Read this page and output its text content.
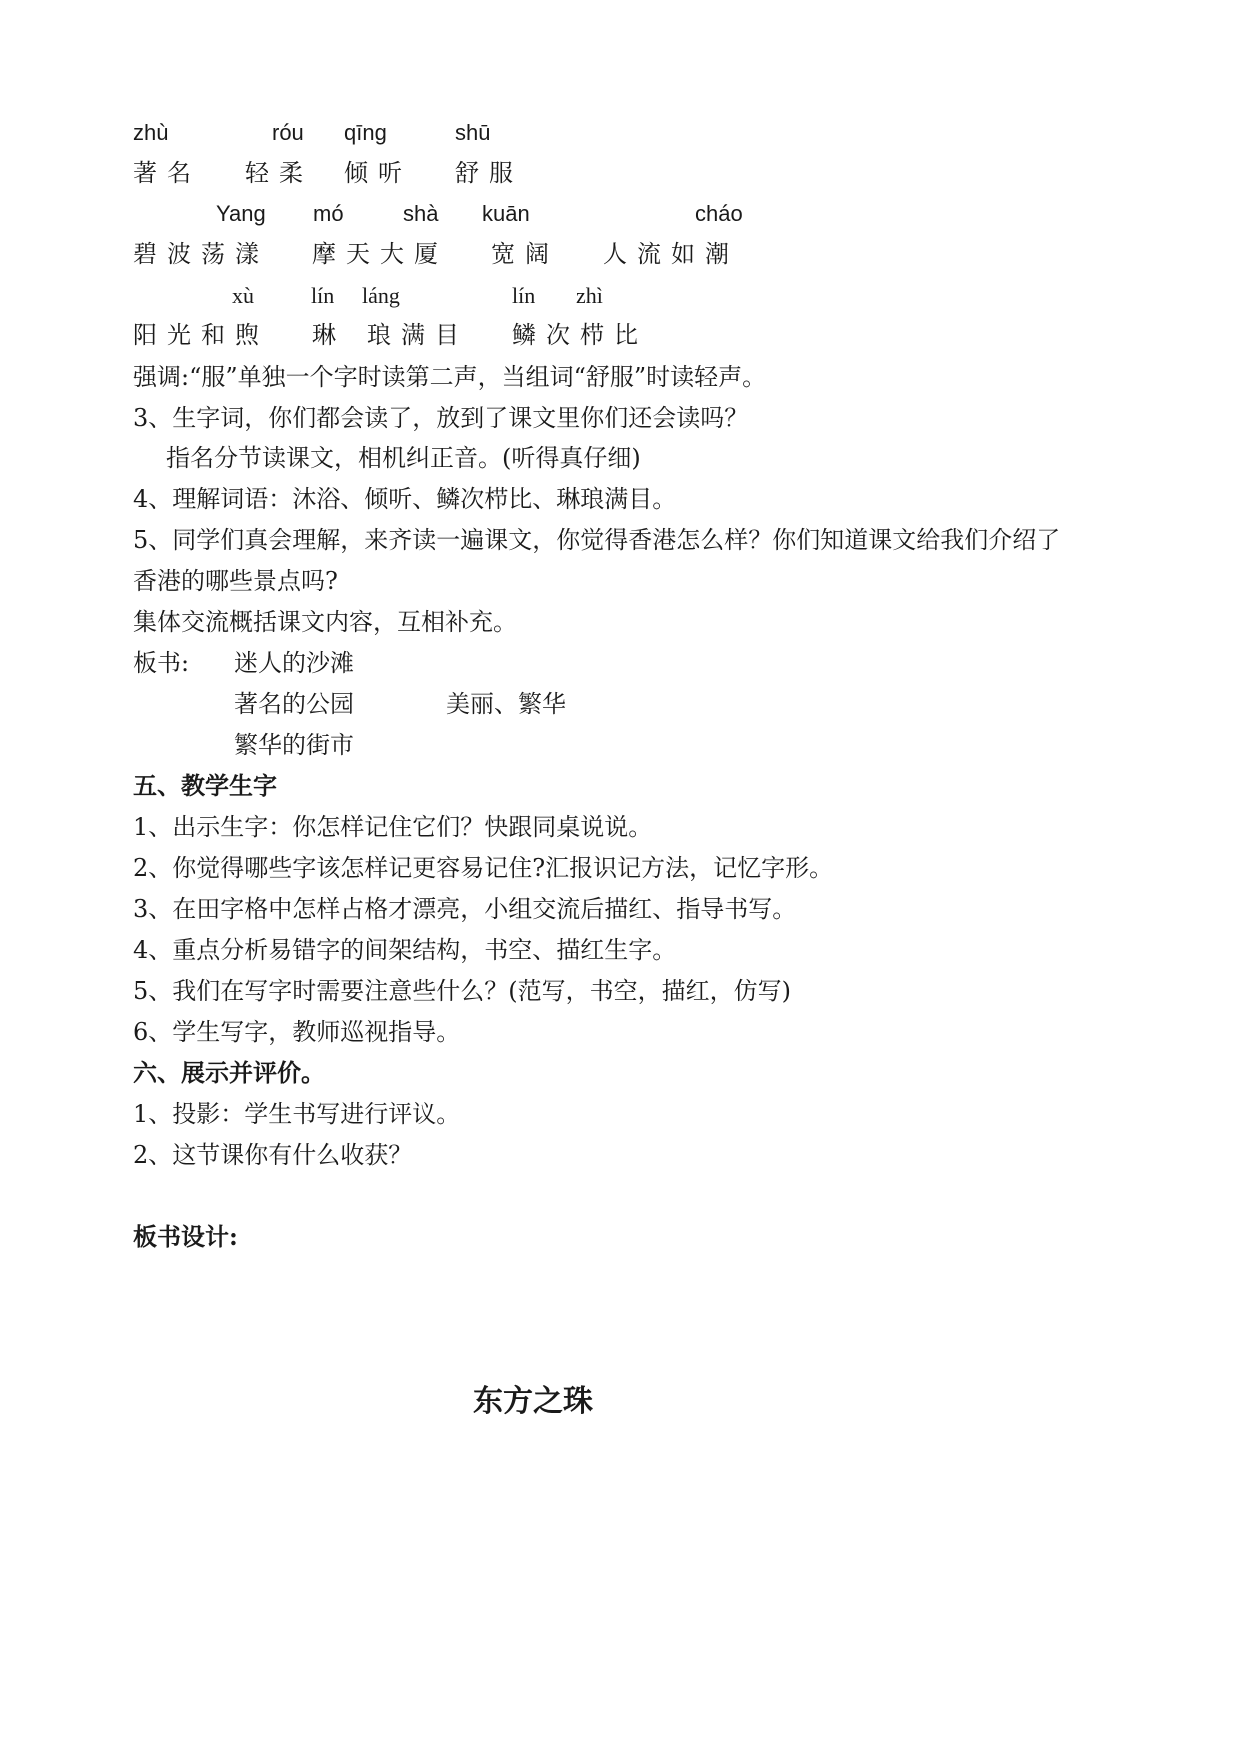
zhù	róu qīng	shū
著名 轻柔 倾听 舒服
Yang mó	shà kuān	cháo
碧波荡漾 摩天大厦 宽阔 人流如潮
xù	lín láng	lín zhì
阳光和煦 琳 琅满目 鳞次栉比
强调:“服”单独一个字时读第二声，当组词“舒服”时读轻声。
3、生字词，你们都会读了，放到了课文里你们还会读吗？
指名分节读课文，相机纠正音。(听得真仔细)
4、理解词语：沐浴、倾听、鳞次栉比、琳琅满目。
5、同学们真会理解，来齐读一遍课文，你觉得香港怎么样？你们知道课文给我们介绍了
香港的哪些景点吗?
集体交流概括课文内容，互相补充。
板书: 迷人的沙滩
著名的公园	美丽、繁华
繁华的街市
五、教学生字
1、出示生字：你怎样记住它们？快跟同桌说说。
2、你觉得哪些字该怎样记更容易记住?汇报识记方法，记忆字形。
3、在田字格中怎样占格才漂亮，小组交流后描红、指导书写。
4、重点分析易错字的间架结构，书空、描红生字。
5、我们在写字时需要注意些什么？(范写，书空，描红，仿写)
6、学生写字，教师巡视指导。
六、展示并评价。
1、投影：学生书写进行评议。
2、这节课你有什么收获？
板书设计:
东方之珠
